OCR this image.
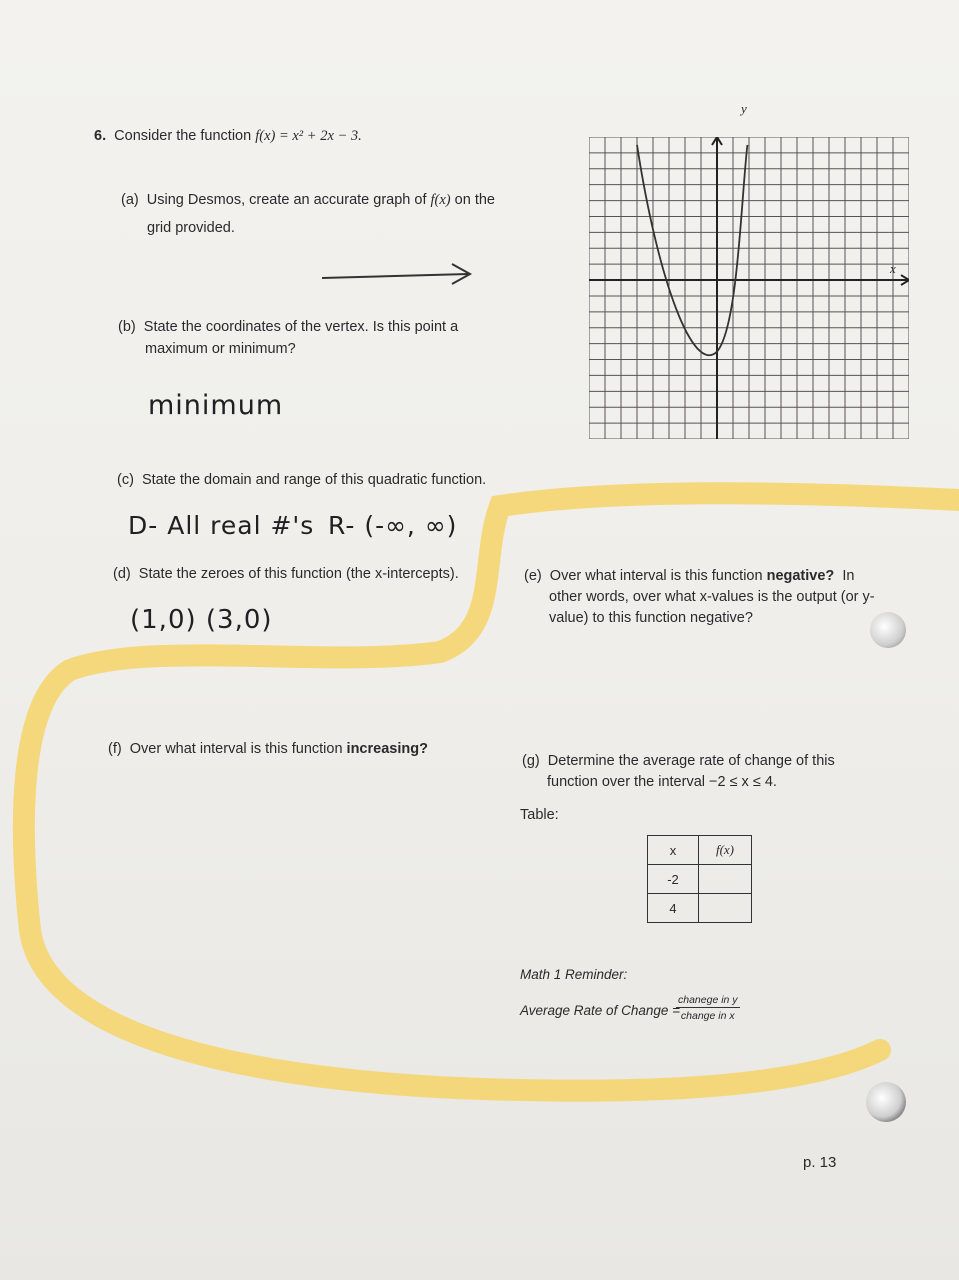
6. Consider the function f(x) = x² + 2x − 3.
(a) Using Desmos, create an accurate graph of f(x) on the
grid provided.
(b) State the coordinates of the vertex. Is this point a
maximum or minimum?
minimum
(c) State the domain and range of this quadratic function.
D- All real #'s R- (-∞, ∞)
(d) State the zeroes of this function (the x-intercepts).
(1,0) (3,0)
(e) Over what interval is this function negative? In
other words, over what x-values is the output (or y-
value) to this function negative?
(f) Over what interval is this function increasing?
(g) Determine the average rate of change of this
function over the interval −2 ≤ x ≤ 4.
Table:
x	f(x)
-2	
4	
Math 1 Reminder:
Average Rate of Change =
chanege in y
change in x
p. 13
y
x
